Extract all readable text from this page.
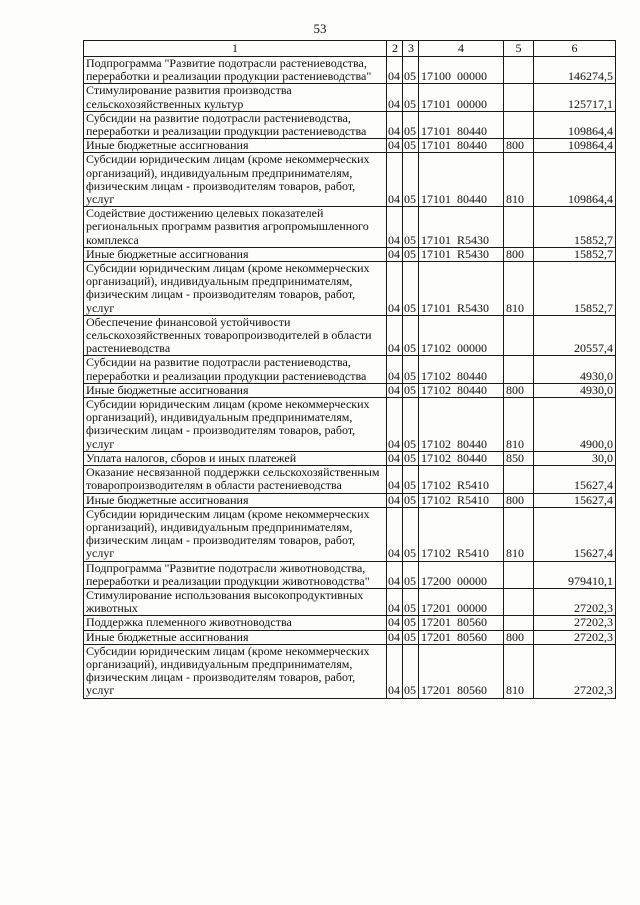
53
1	2	3	4	5	6
Подпрограмма "Развитие подотрасли растениеводства, переработки и реализации продукции растениеводства"	04	05	17100  00000		146274,5
Стимулирование развития производства сельскохозяйственных культур	04	05	17101  00000		125717,1
Субсидии на развитие подотрасли растениеводства, переработки и реализации продукции растениеводства	04	05	17101  80440		109864,4
Иные бюджетные ассигнования	04	05	17101  80440	800	109864,4
Субсидии юридическим лицам (кроме некоммерческих организаций), индивидуальным предпринимателям, физическим лицам - производителям товаров, работ, услуг	04	05	17101  80440	810	109864,4
Содействие достижению целевых показателей региональных программ развития агропромышленного комплекса	04	05	17101  R5430		15852,7
Иные бюджетные ассигнования	04	05	17101  R5430	800	15852,7
Субсидии юридическим лицам (кроме некоммерческих организаций), индивидуальным предпринимателям, физическим лицам - производителям товаров, работ, услуг	04	05	17101  R5430	810	15852,7
Обеспечение финансовой устойчивости сельскохозяйственных товаропроизводителей в области растениеводства	04	05	17102  00000		20557,4
Субсидии на развитие подотрасли растениеводства, переработки и реализации продукции растениеводства	04	05	17102  80440		4930,0
Иные бюджетные ассигнования	04	05	17102  80440	800	4930,0
Субсидии юридическим лицам (кроме некоммерческих организаций), индивидуальным предпринимателям, физическим лицам - производителям товаров, работ, услуг	04	05	17102  80440	810	4900,0
Уплата налогов, сборов и иных платежей	04	05	17102  80440	850	30,0
Оказание несвязанной поддержки сельскохозяйственным товаропроизводителям в области растениеводства	04	05	17102  R5410		15627,4
Иные бюджетные ассигнования	04	05	17102  R5410	800	15627,4
Субсидии юридическим лицам (кроме некоммерческих организаций), индивидуальным предпринимателям, физическим лицам - производителям товаров, работ, услуг	04	05	17102  R5410	810	15627,4
Подпрограмма "Развитие подотрасли животноводства, переработки и реализации продукции животноводства"	04	05	17200  00000		979410,1
Стимулирование использования высокопродуктивных животных	04	05	17201  00000		27202,3
Поддержка племенного животноводства	04	05	17201  80560		27202,3
Иные бюджетные ассигнования	04	05	17201  80560	800	27202,3
Субсидии юридическим лицам (кроме некоммерческих организаций), индивидуальным предпринимателям, физическим лицам - производителям товаров, работ, услуг	04	05	17201  80560	810	27202,3
